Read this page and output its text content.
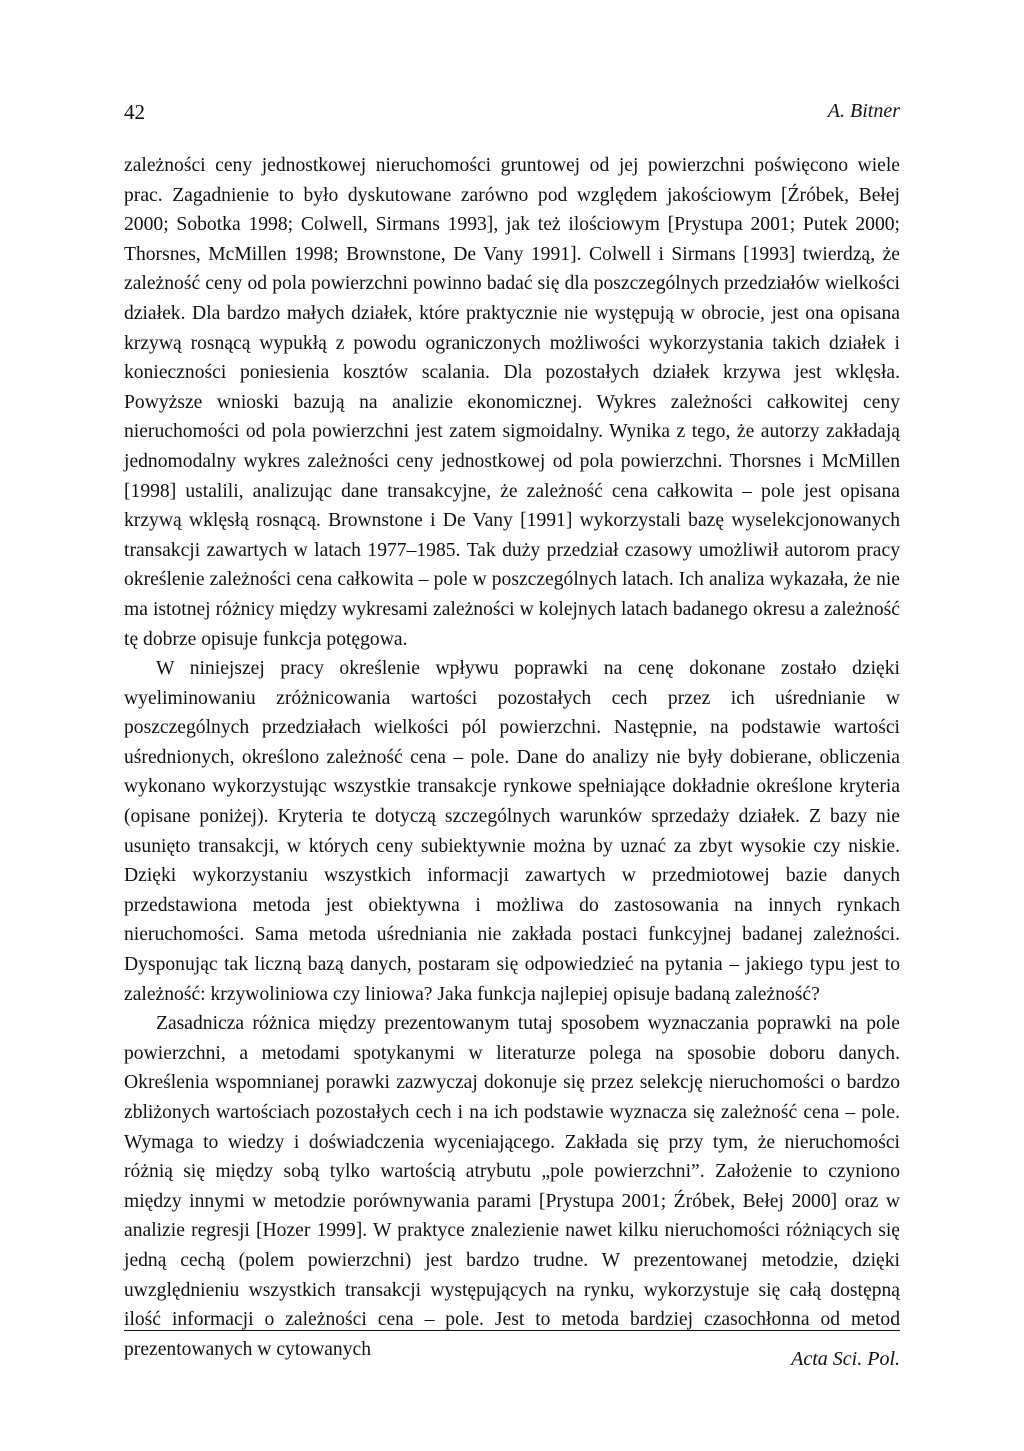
42	A. Bitner

zależności ceny jednostkowej nieruchomości gruntowej od jej powierzchni poświęcono wiele prac. Zagadnienie to było dyskutowane zarówno pod względem jakościowym [Źróbek, Bełej 2000; Sobotka 1998; Colwell, Sirmans 1993], jak też ilościowym [Prystupa 2001; Putek 2000; Thorsnes, McMillen 1998; Brownstone, De Vany 1991]. Colwell i Sirmans [1993] twierdzą, że zależność ceny od pola powierzchni powinno badać się dla poszczególnych przedziałów wielkości działek. Dla bardzo małych działek, które praktycznie nie występują w obrocie, jest ona opisana krzywą rosnącą wypukłą z powodu ograniczonych możliwości wykorzystania takich działek i konieczności poniesienia kosztów scalania. Dla pozostałych działek krzywa jest wklęsła. Powyższe wnioski bazują na analizie ekonomicznej. Wykres zależności całkowitej ceny nieruchomości od pola powierzchni jest zatem sigmoidalny. Wynika z tego, że autorzy zakładają jednomodalny wykres zależności ceny jednostkowej od pola powierzchni. Thorsnes i McMillen [1998] ustalili, analizując dane transakcyjne, że zależność cena całkowita – pole jest opisana krzywą wklęsłą rosnącą. Brownstone i De Vany [1991] wykorzystali bazę wyselekcjonowanych transakcji zawartych w latach 1977–1985. Tak duży przedział czasowy umożliwił autorom pracy określenie zależności cena całkowita – pole w poszczególnych latach. Ich analiza wykazała, że nie ma istotnej różnicy między wykresami zależności w kolejnych latach badanego okresu a zależność tę dobrze opisuje funkcja potęgowa.

W niniejszej pracy określenie wpływu poprawki na cenę dokonane zostało dzięki wyeliminowaniu zróżnicowania wartości pozostałych cech przez ich uśrednianie w poszczególnych przedziałach wielkości pól powierzchni. Następnie, na podstawie wartości uśrednionych, określono zależność cena – pole. Dane do analizy nie były dobierane, obliczenia wykonano wykorzystując wszystkie transakcje rynkowe spełniające dokładnie określone kryteria (opisane poniżej). Kryteria te dotyczą szczególnych warunków sprzedaży działek. Z bazy nie usunięto transakcji, w których ceny subiektywnie można by uznać za zbyt wysokie czy niskie. Dzięki wykorzystaniu wszystkich informacji zawartych w przedmiotowej bazie danych przedstawiona metoda jest obiektywna i możliwa do zastosowania na innych rynkach nieruchomości. Sama metoda uśredniania nie zakłada postaci funkcyjnej badanej zależności. Dysponując tak liczną bazą danych, postaram się odpowiedzieć na pytania – jakiego typu jest to zależność: krzywoliniowa czy liniowa? Jaka funkcja najlepiej opisuje badaną zależność?

Zasadnicza różnica między prezentowanym tutaj sposobem wyznaczania poprawki na pole powierzchni, a metodami spotykanymi w literaturze polega na sposobie doboru danych. Określenia wspomnianej porawki zazwyczaj dokonuje się przez selekcję nieruchomości o bardzo zbliżonych wartościach pozostałych cech i na ich podstawie wyznacza się zależność cena – pole. Wymaga to wiedzy i doświadczenia wyceniającego. Zakłada się przy tym, że nieruchomości różnią się między sobą tylko wartością atrybutu „pole powierzchni”. Założenie to czyniono między innymi w metodzie porównywania parami [Prystupa 2001; Źróbek, Bełej 2000] oraz w analizie regresji [Hozer 1999]. W praktyce znalezienie nawet kilku nieruchomości różniących się jedną cechą (polem powierzchni) jest bardzo trudne. W prezentowanej metodzie, dzięki uwzględnieniu wszystkich transakcji występujących na rynku, wykorzystuje się całą dostępną ilość informacji o zależności cena – pole. Jest to metoda bardziej czasochłonna od metod prezentowanych w cytowanych	Acta Sci. Pol.
